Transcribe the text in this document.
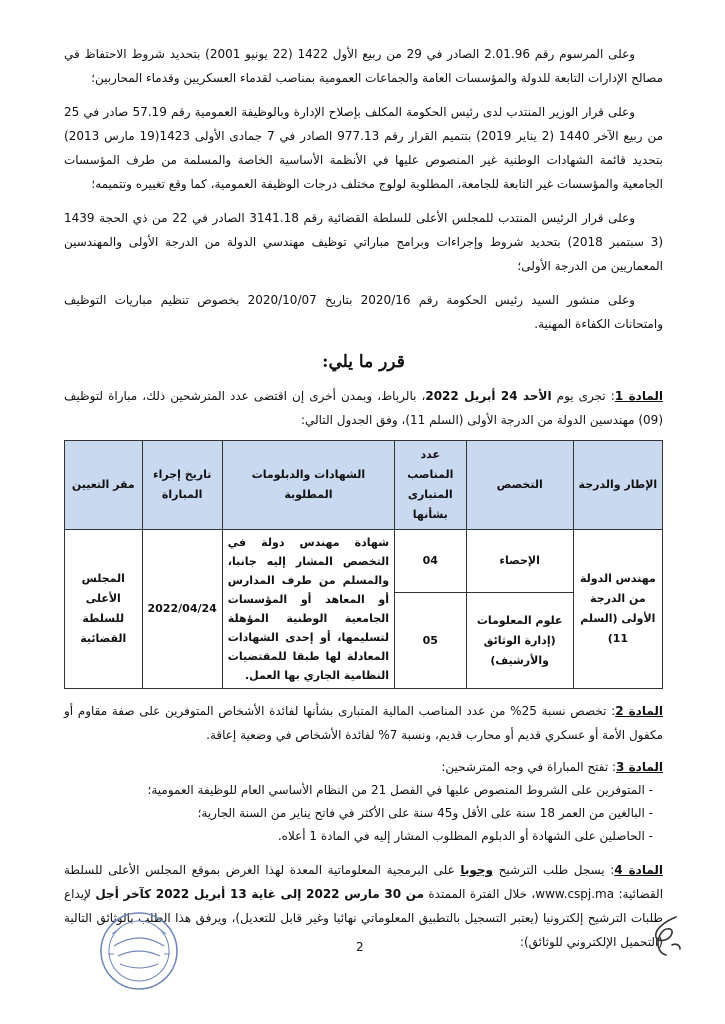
وعلى المرسوم رقم 2.01.96 الصادر في 29 من ربيع الأول 1422 (22 يونيو 2001) بتحديد شروط الاحتفاظ في مصالح الإدارات التابعة للدولة والمؤسسات العامة والجماعات العمومية بمناصب لقدماء العسكريين وقدماء المحاربين؛

وعلى قرار الوزير المنتدب لدى رئيس الحكومة المكلف بإصلاح الإدارة وبالوظيفة العمومية رقم 57.19 صادر في 25 من ربيع الآخر 1440 (2 يناير 2019) بتتميم القرار رقم 977.13 الصادر في 7 جمادى الأولى 1423(19 مارس 2013) بتحديد قائمة الشهادات الوطنية غير المنصوص عليها في الأنظمة الأساسية الخاصة والمسلمة من طرف المؤسسات الجامعية والمؤسسات غير التابعة للجامعة، المطلوبة لولوج مختلف درجات الوظيفة العمومية، كما وقع تغييره وتتميمه؛

وعلى قرار الرئيس المنتدب للمجلس الأعلى للسلطة القضائية رقم 3141.18 الصادر في 22 من ذي الحجة 1439 (3 سبتمبر 2018) بتحديد شروط وإجراءات وبرامج مباراتي توظيف مهندسي الدولة من الدرجة الأولى والمهندسين المعماريين من الدرجة الأولى؛

وعلى منشور السيد رئيس الحكومة رقم 2020/16 بتاريخ 2020/10/07 بخصوص تنظيم مباريات التوظيف وامتحانات الكفاءة المهنية.

قرر ما يلي:

المادة 1: تجرى يوم الأحد 24 أبريل 2022، بالرباط، وبمدن أخرى إن اقتضى عدد المترشحين ذلك، مباراة لتوظيف (09) مهندسين الدولة من الدرجة الأولى (السلم 11)، وفق الجدول التالي:

الإطار والدرجة	التخصص	عدد المناصب المتبارى بشأنها	الشهادات والدبلومات المطلوبة	تاريخ إجراء المباراة	مقر التعيين
مهندس الدولة من الدرجة الأولى (السلم 11)	الإحصاء	04	شهادة مهندس دولة في التخصص المشار إليه جانبا، والمسلم من طرف المدارس أو المعاهد أو المؤسسات الجامعية الوطنية المؤهلة لتسليمها، أو إحدى الشهادات المعادلة لها طبقا للمقتضيات النظامية الجاري بها العمل.	2022/04/24	المجلس الأعلى للسلطة القضائية
	علوم المعلومات (إدارة الوثائق والأرشيف)	05			

المادة 2: تخصص نسبة 25% من عدد المناصب المالية المتبارى بشأنها لفائدة الأشخاص المتوفرين على صفة مقاوم أو مكفول الأمة أو عسكري قديم أو محارب قديم، ونسبة 7% لفائدة الأشخاص في وضعية إعاقة.

المادة 3: تفتح المباراة في وجه المترشحين:
- المتوفرين على الشروط المنصوص عليها في الفصل 21 من النظام الأساسي العام للوظيفة العمومية؛
- البالغين من العمر 18 سنة على الأقل و45 سنة على الأكثر في فاتح يناير من السنة الجارية؛
- الحاصلين على الشهادة أو الدبلوم المطلوب المشار إليه في المادة 1 أعلاه.

المادة 4: يسجل طلب الترشيح وجوبا على البرمجية المعلوماتية المعدة لهذا الغرض بموقع المجلس الأعلى للسلطة القضائية: www.cspj.ma، خلال الفترة الممتدة من 30 مارس 2022 إلى غاية 13 أبريل 2022 كآخر أجل لإيداع طلبات الترشيح إلكترونيا (يعتبر التسجيل بالتطبيق المعلوماتي نهائيا وغير قابل للتعديل)، ويرفق هذا الطلب بالوثائق التالية (التحميل الإلكتروني للوثائق):

2
